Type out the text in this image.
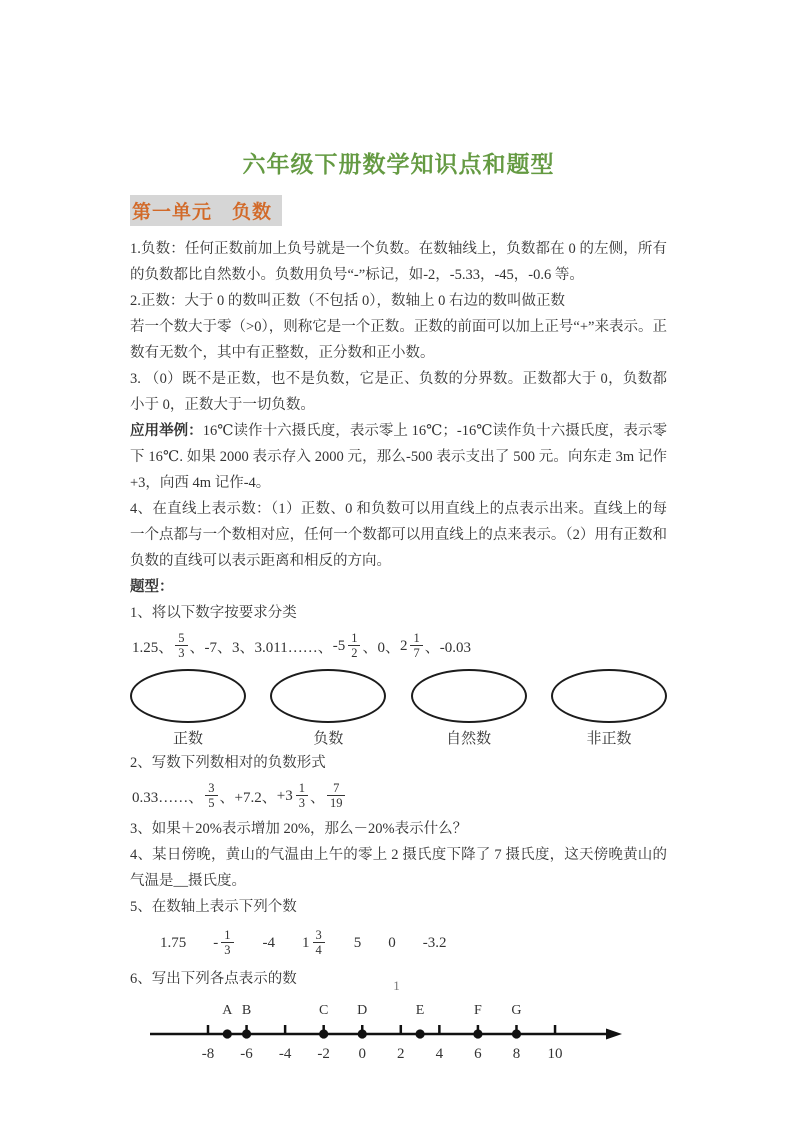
六年级下册数学知识点和题型
第一单元　负数

1.负数：任何正数前加上负号就是一个负数。在数轴线上，负数都在 0 的左侧，所有的负数都比自然数小。负数用负号“-”标记，如-2，-5.33，-45，-0.6 等。

2.正数：大于 0 的数叫正数（不包括 0），数轴上 0 右边的数叫做正数

若一个数大于零（>0），则称它是一个正数。正数的前面可以加上正号“+”来表示。正数有无数个，其中有正整数，正分数和正小数。

3. （0）既不是正数，也不是负数，它是正、负数的分界数。正数都大于 0，负数都小于 0，正数大于一切负数。

应用举例：16℃读作十六摄氏度，表示零上 16℃；-16℃读作负十六摄氏度，表示零下 16℃. 如果 2000 表示存入 2000 元，那么-500 表示支出了 500 元。向东走 3m 记作+3，向西 4m 记作-4。

4、在直线上表示数：（1）正数、0 和负数可以用直线上的点表示出来。直线上的每一个点都与一个数相对应，任何一个数都可以用直线上的点来表示。（2）用有正数和负数的直线可以表示距离和相反的方向。

题型：

1、将以下数字按要求分类

1.25、 $\frac{5}{3}$ 、-7、3、3.011……、 $-5 \frac{1}{2}$ 、0、 $2 \frac{1}{7}$ 、-0.03
正数	负数	自然数	非正数

2、写数下列数相对的负数形式

0.33……、 $\frac{3}{5}$ 、+7.2、 $+3 \frac{1}{3}$ 、 $\frac{7}{19}$

3、如果＋20%表示增加 20%，那么－20%表示什么？

4、某日傍晚，黄山的气温由上午的零上 2 摄氏度下降了 7 摄氏度，这天傍晚黄山的气温是__摄氏度。

5、在数轴上表示下列个数

$1.75 - \frac{1}{3} -4$ $1 \frac{3}{4} 5$ 0 -3.2

6、写出下列各点表示的数

-8 -6 -4 -2 0 2 4 6 8 10
A B	C D	E	F G
1
